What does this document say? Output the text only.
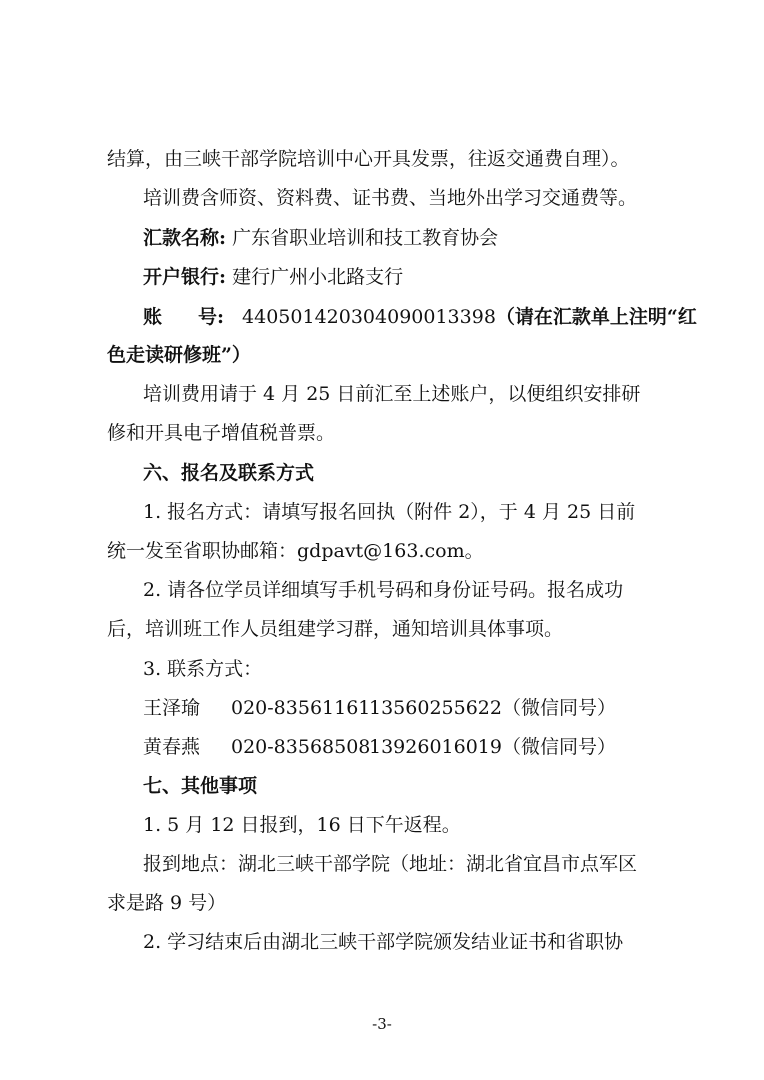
结算，由三峡干部学院培训中心开具发票，往返交通费自理）。
培训费含师资、资料费、证书费、当地外出学习交通费等。
汇款名称: 广东省职业培训和技工教育协会
开户银行: 建行广州小北路支行
账 号: 440501420304090013398（请在汇款单上注明“红
色走读研修班”）
培训费用请于 4 月 25 日前汇至上述账户，以便组织安排研
修和开具电子增值税普票。
六、报名及联系方式
1. 报名方式：请填写报名回执（附件 2），于 4 月 25 日前
统一发至省职协邮箱：gdpavt@163.com。
2. 请各位学员详细填写手机号码和身份证号码。报名成功
后，培训班工作人员组建学习群，通知培训具体事项。
3. 联系方式：
王泽瑜 020-8356116113560255622（微信同号）
黄春燕 020-8356850813926016019（微信同号）
七、其他事项
1. 5 月 12 日报到，16 日下午返程。
报到地点：湖北三峡干部学院（地址：湖北省宜昌市点军区
求是路 9 号）
2. 学习结束后由湖北三峡干部学院颁发结业证书和省职协
-3-
